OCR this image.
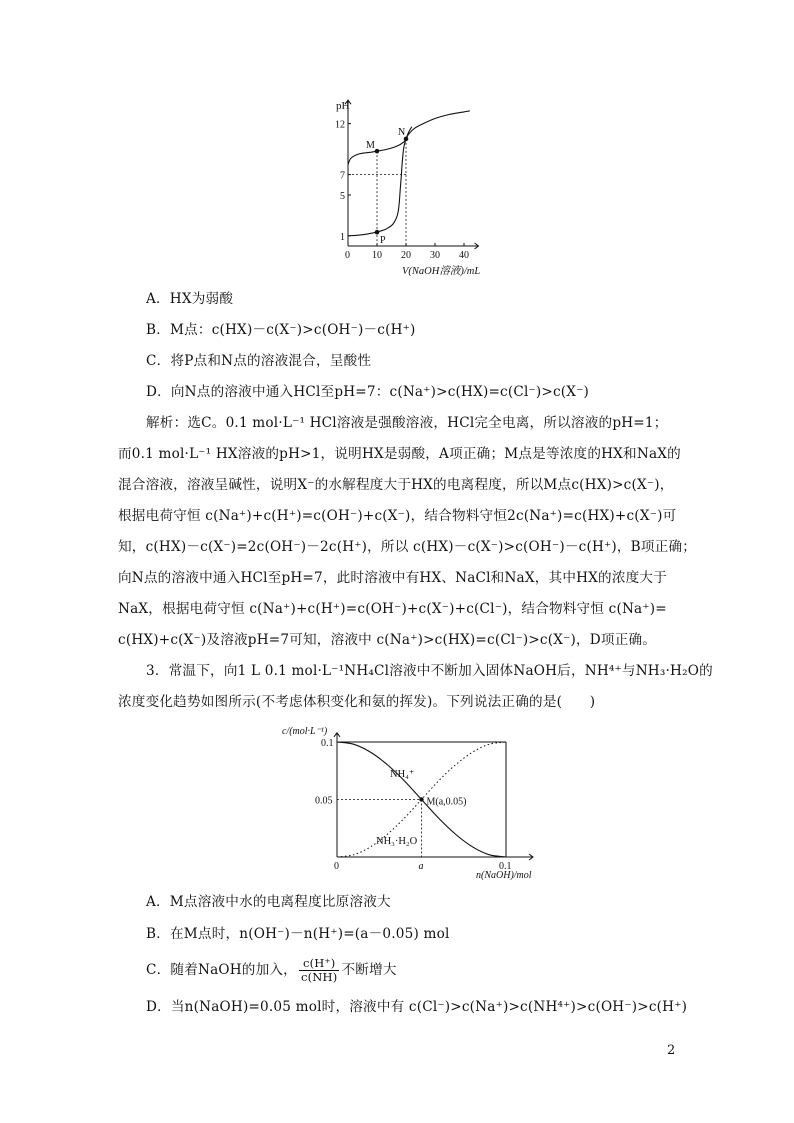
0 10 20 30 40
1
5
7
12
M
N
P
pH
V(NaOH溶液)/mL
A．HX为弱酸
B．M点：c(HX)－c(X⁻)>c(OH⁻)－c(H⁺)
C．将P点和N点的溶液混合，呈酸性
D．向N点的溶液中通入HCl至pH=7：c(Na⁺)>c(HX)=c(Cl⁻)>c(X⁻)
解析：选C。0.1 mol·L⁻¹ HCl溶液是强酸溶液，HCl完全电离，所以溶液的pH=1；
而0.1 mol·L⁻¹ HX溶液的pH>1，说明HX是弱酸，A项正确；M点是等浓度的HX和NaX的
混合溶液，溶液呈碱性，说明X⁻的水解程度大于HX的电离程度，所以M点c(HX)>c(X⁻)，
根据电荷守恒 c(Na⁺)+c(H⁺)=c(OH⁻)+c(X⁻)，结合物料守恒2c(Na⁺)=c(HX)+c(X⁻)可
知，c(HX)－c(X⁻)=2c(OH⁻)－2c(H⁺)，所以 c(HX)－c(X⁻)>c(OH⁻)－c(H⁺)，B项正确；
向N点的溶液中通入HCl至pH=7，此时溶液中有HX、NaCl和NaX，其中HX的浓度大于
NaX，根据电荷守恒 c(Na⁺)+c(H⁺)=c(OH⁻)+c(X⁻)+c(Cl⁻)，结合物料守恒 c(Na⁺)=
c(HX)+c(X⁻)及溶液pH=7可知，溶液中 c(Na⁺)>c(HX)=c(Cl⁻)>c(X⁻)，D项正确。
3．常温下，向1 L 0.1 mol·L⁻¹NH₄Cl溶液中不断加入固体NaOH后，NH⁴⁺与NH₃·H₂O的
浓度变化趋势如图所示(不考虑体积变化和氨的挥发)。下列说法正确的是(　　)
0	a	0.1
0.05
0.1
M(a,0.05)
c/(mol·L⁻¹)
n(NaOH)/mol
NH₄⁺
NH₃·H₂O
A．M点溶液中水的电离程度比原溶液大
B．在M点时，n(OH⁻)－n(H⁺)=(a－0.05) mol
C．随着NaOH的加入， $\frac{c(H^+)}{c(NH)}$ 不断增大
D．当n(NaOH)=0.05 mol时，溶液中有 c(Cl⁻)>c(Na⁺)>c(NH⁴⁺)>c(OH⁻)>c(H⁺)
2
